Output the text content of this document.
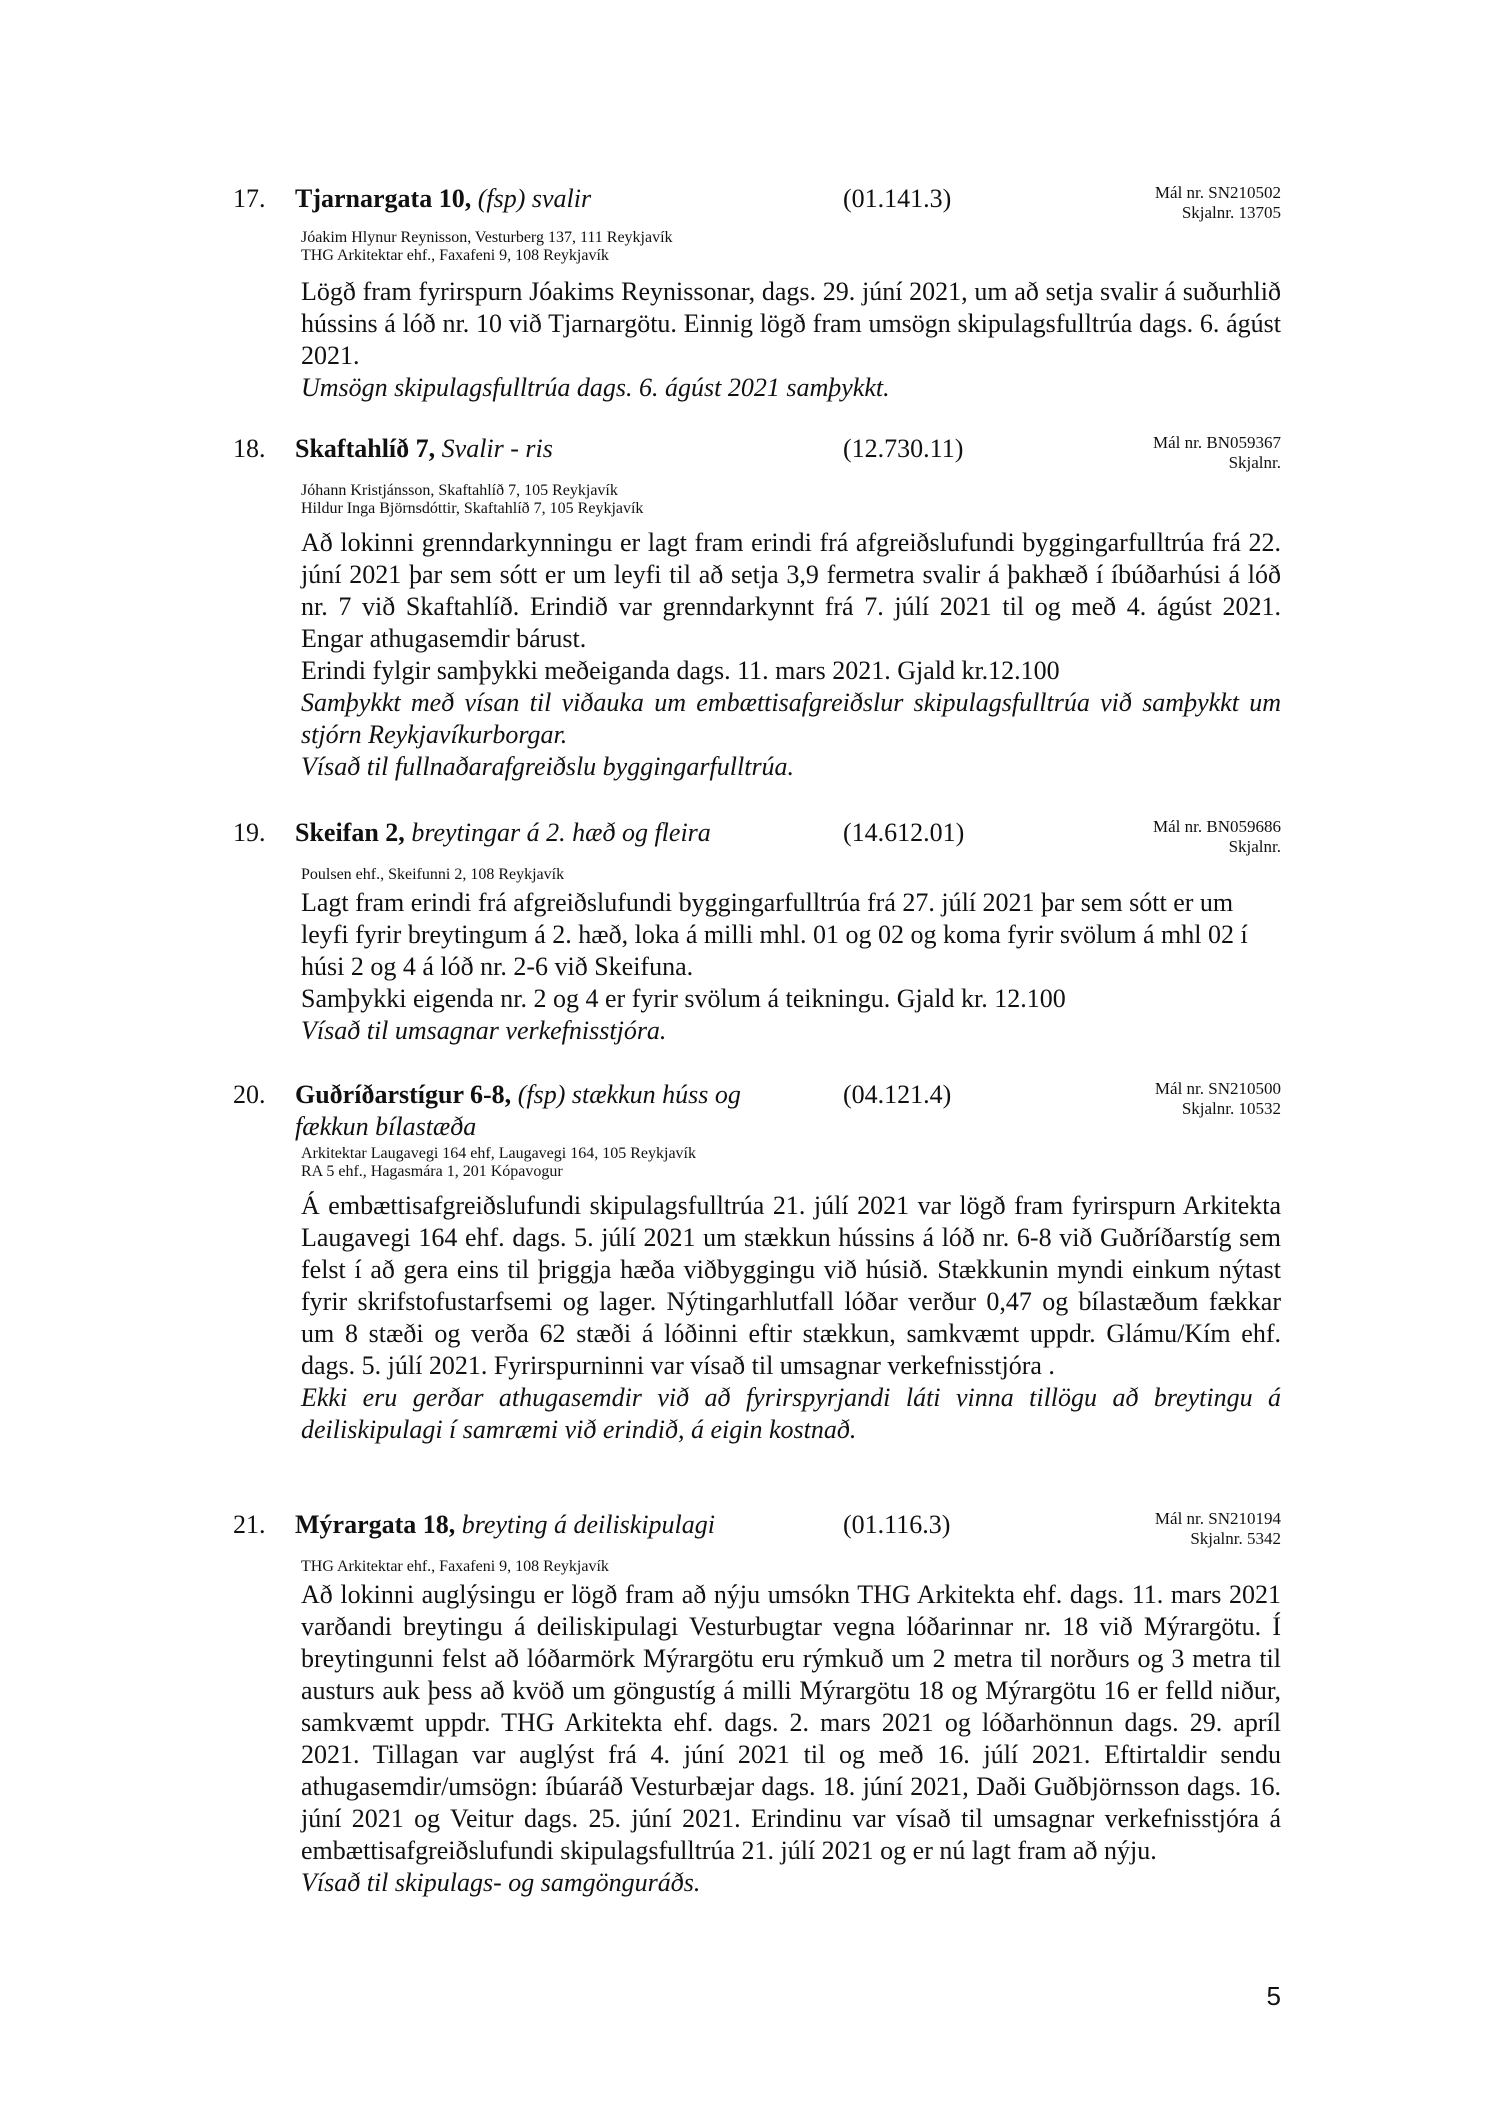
17. Tjarnargata 10, (fsp) svalir	(01.141.3)	Mál nr. SN210502
Skjalnr. 13705
Jóakim Hlynur Reynisson, Vesturberg 137, 111 Reykjavík
THG Arkitektar ehf., Faxafeni 9, 108 Reykjavík

Lögð fram fyrirspurn Jóakims Reynissonar, dags. 29. júní 2021, um að setja svalir á suðurhlið hússins á lóð nr. 10 við Tjarnargötu. Einnig lögð fram umsögn skipulagsfulltrúa dags. 6. ágúst 2021.

Umsögn skipulagsfulltrúa dags. 6. ágúst 2021 samþykkt.

18. Skaftahlíð 7, Svalir - ris	(12.730.11)	Mál nr. BN059367
Skjalnr.
Jóhann Kristjánsson, Skaftahlíð 7, 105 Reykjavík
Hildur Inga Björnsdóttir, Skaftahlíð 7, 105 Reykjavík

Að lokinni grenndarkynningu er lagt fram erindi frá afgreiðslufundi byggingarfulltrúa frá 22. júní 2021 þar sem sótt er um leyfi til að setja 3,9 fermetra svalir á þakhæð í íbúðarhúsi á lóð nr. 7 við Skaftahlíð. Erindið var grenndarkynnt frá 7. júlí 2021 til og með 4. ágúst 2021. Engar athugasemdir bárust.

Erindi fylgir samþykki meðeiganda dags. 11. mars 2021. Gjald kr.12.100

Samþykkt með vísan til viðauka um embættisafgreiðslur skipulagsfulltrúa við samþykkt um stjórn Reykjavíkurborgar.

Vísað til fullnaðarafgreiðslu byggingarfulltrúa.

19. Skeifan 2, breytingar á 2. hæð og fleira	(14.612.01)	Mál nr. BN059686
Skjalnr.
Poulsen ehf., Skeifunni 2, 108 Reykjavík

Lagt fram erindi frá afgreiðslufundi byggingarfulltrúa frá 27. júlí 2021 þar sem sótt er um leyfi fyrir breytingum á 2. hæð, loka á milli mhl. 01 og 02 og koma fyrir svölum á mhl 02 í húsi 2 og 4 á lóð nr. 2-6 við Skeifuna.

Samþykki eigenda nr. 2 og 4 er fyrir svölum á teikningu. Gjald kr. 12.100

Vísað til umsagnar verkefnisstjóra.

20. Guðríðarstígur 6-8, (fsp) stækkun húss og fækkun bílastæða

(04.121.4)	Mál nr. SN210500
Skjalnr. 10532
Arkitektar Laugavegi 164 ehf, Laugavegi 164, 105 Reykjavík
RA 5 ehf., Hagasmára 1, 201 Kópavogur

Á embættisafgreiðslufundi skipulagsfulltrúa 21. júlí 2021 var lögð fram fyrirspurn Arkitekta Laugavegi 164 ehf. dags. 5. júlí 2021 um stækkun hússins á lóð nr. 6-8 við Guðríðarstíg sem felst í að gera eins til þriggja hæða viðbyggingu við húsið. Stækkunin myndi einkum nýtast fyrir skrifstofustarfsemi og lager. Nýtingarhlutfall lóðar verður 0,47 og bílastæðum fækkar um 8 stæði og verða 62 stæði á lóðinni eftir stækkun, samkvæmt uppdr. Glámu/Kím ehf. dags. 5. júlí 2021. Fyrirspurninni var vísað til umsagnar verkefnisstjóra .

Ekki eru gerðar athugasemdir við að fyrirspyrjandi láti vinna tillögu að breytingu á deiliskipulagi í samræmi við erindið, á eigin kostnað.

21. Mýrargata 18, breyting á deiliskipulagi	(01.116.3)	Mál nr. SN210194
Skjalnr. 5342
THG Arkitektar ehf., Faxafeni 9, 108 Reykjavík

Að lokinni auglýsingu er lögð fram að nýju umsókn THG Arkitekta ehf. dags. 11. mars 2021 varðandi breytingu á deiliskipulagi Vesturbugtar vegna lóðarinnar nr. 18 við Mýrargötu. Í breytingunni felst að lóðarmörk Mýrargötu eru rýmkuð um 2 metra til norðurs og 3 metra til austurs auk þess að kvöð um göngustíg á milli Mýrargötu 18 og Mýrargötu 16 er felld niður, samkvæmt uppdr. THG Arkitekta ehf. dags. 2. mars 2021 og lóðarhönnun dags. 29. apríl 2021. Tillagan var auglýst frá 4. júní 2021 til og með 16. júlí 2021. Eftirtaldir sendu athugasemdir/umsögn: íbúaráð Vesturbæjar dags. 18. júní 2021, Daði Guðbjörnsson dags. 16. júní 2021 og Veitur dags. 25. júní 2021. Erindinu var vísað til umsagnar verkefnisstjóra á embættisafgreiðslufundi skipulagsfulltrúa 21. júlí 2021 og er nú lagt fram að nýju.

Vísað til skipulags- og samgönguráðs.

5
